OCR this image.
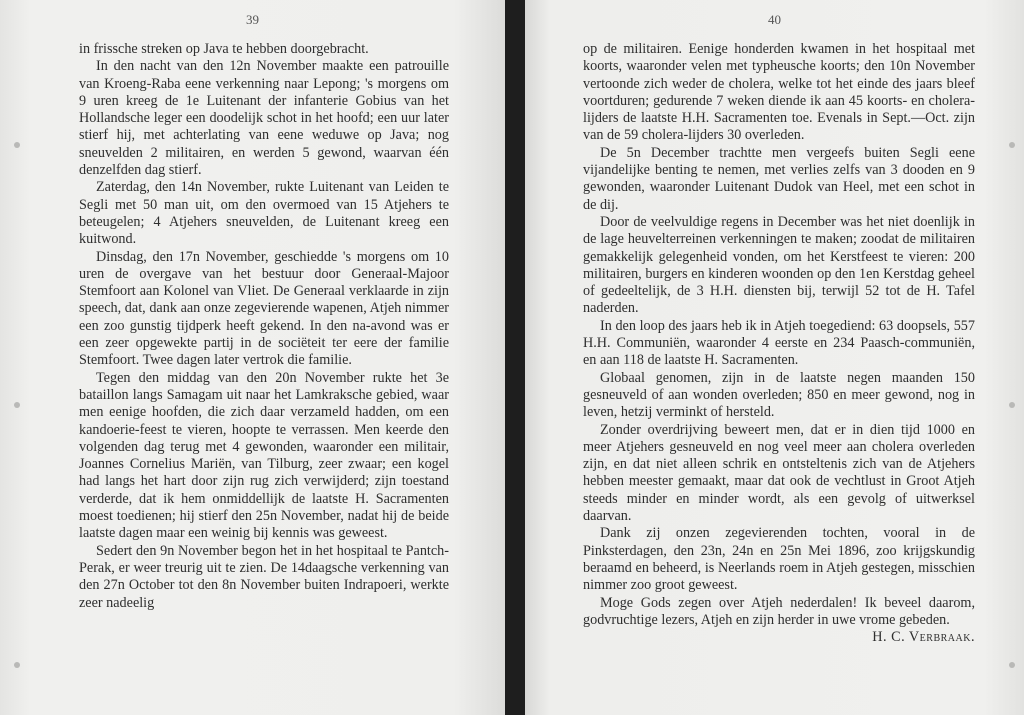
39

in frissche streken op Java te hebben doorgebracht.

In den nacht van den 12n November maakte een patrouille van Kroeng-Raba eene verkenning naar Lepong; 's morgens om 9 uren kreeg de 1e Luitenant der infanterie Gobius van het Hollandsche leger een doodelijk schot in het hoofd; een uur later stierf hij, met achterlating van eene weduwe op Java; nog sneuvelden 2 militairen, en werden 5 gewond, waarvan één denzelfden dag stierf.

Zaterdag, den 14n November, rukte Luitenant van Leiden te Segli met 50 man uit, om den overmoed van 15 Atjehers te beteugelen; 4 Atjehers sneuvelden, de Luitenant kreeg een kuitwond.

Dinsdag, den 17n November, geschiedde 's morgens om 10 uren de overgave van het bestuur door Generaal-Majoor Stemfoort aan Kolonel van Vliet. De Generaal verklaarde in zijn speech, dat, dank aan onze zegevierende wapenen, Atjeh nimmer een zoo gunstig tijdperk heeft gekend. In den na-avond was er een zeer opgewekte partij in de sociëteit ter eere der familie Stemfoort. Twee dagen later vertrok die familie.

Tegen den middag van den 20n November rukte het 3e bataillon langs Samagam uit naar het Lamkraksche gebied, waar men eenige hoofden, die zich daar verzameld hadden, om een kandoerie-feest te vieren, hoopte te verrassen. Men keerde den volgenden dag terug met 4 gewonden, waaronder een militair, Joannes Cornelius Mariën, van Tilburg, zeer zwaar; een kogel had langs het hart door zijn rug zich verwijderd; zijn toestand verderde, dat ik hem onmiddellijk de laatste H. Sacramenten moest toedienen; hij stierf den 25n November, nadat hij de beide laatste dagen maar een weinig bij kennis was geweest.

Sedert den 9n November begon het in het hospitaal te Pantch-Perak, er weer treurig uit te zien. De 14daagsche verkenning van den 27n October tot den 8n November buiten Indrapoeri, werkte zeer nadeelig

40

op de militairen. Eenige honderden kwamen in het hospitaal met koorts, waaronder velen met typheusche koorts; den 10n November vertoonde zich weder de cholera, welke tot het einde des jaars bleef voortduren; gedurende 7 weken diende ik aan 45 koorts- en cholera-lijders de laatste H.H. Sacramenten toe. Evenals in Sept.—Oct. zijn van de 59 cholera-lijders 30 overleden.

De 5n December trachtte men vergeefs buiten Segli eene vijandelijke benting te nemen, met verlies zelfs van 3 dooden en 9 gewonden, waaronder Luitenant Dudok van Heel, met een schot in de dij.

Door de veelvuldige regens in December was het niet doenlijk in de lage heuvelterreinen verkenningen te maken; zoodat de militairen gemakkelijk gelegenheid vonden, om het Kerstfeest te vieren: 200 militairen, burgers en kinderen woonden op den 1en Kerstdag geheel of gedeeltelijk, de 3 H.H. diensten bij, terwijl 52 tot de H. Tafel naderden.

In den loop des jaars heb ik in Atjeh toegediend: 63 doopsels, 557 H.H. Communiën, waaronder 4 eerste en 234 Paasch-communiën, en aan 118 de laatste H. Sacramenten.

Globaal genomen, zijn in de laatste negen maanden 150 gesneuveld of aan wonden overleden; 850 en meer gewond, nog in leven, hetzij verminkt of hersteld.

Zonder overdrijving beweert men, dat er in dien tijd 1000 en meer Atjehers gesneuveld en nog veel meer aan cholera overleden zijn, en dat niet alleen schrik en ontsteltenis zich van de Atjehers hebben meester gemaakt, maar dat ook de vechtlust in Groot Atjeh steeds minder en minder wordt, als een gevolg of uitwerksel daarvan.

Dank zij onzen zegevierenden tochten, vooral in de Pinksterdagen, den 23n, 24n en 25n Mei 1896, zoo krijgskundig beraamd en beheerd, is Neerlands roem in Atjeh gestegen, misschien nimmer zoo groot geweest.

Moge Gods zegen over Atjeh nederdalen! Ik beveel daarom, godvruchtige lezers, Atjeh en zijn herder in uwe vrome gebeden.

H. C. Verbraak.
